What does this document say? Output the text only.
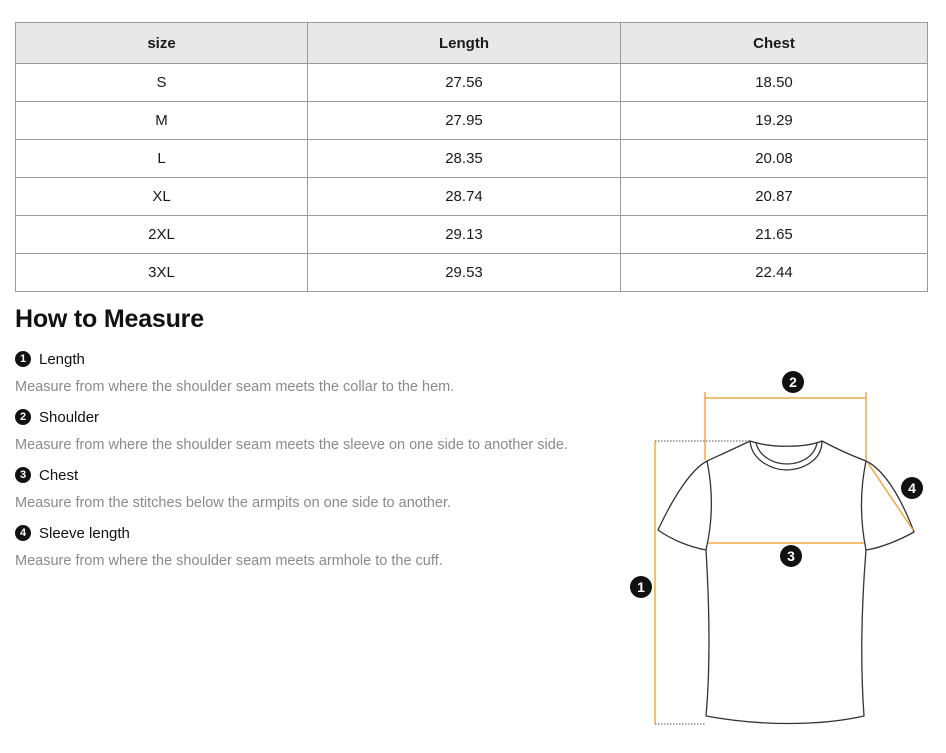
size	Length	Chest
S	27.56	18.50
M	27.95	19.29
L	28.35	20.08
XL	28.74	20.87
2XL	29.13	21.65
3XL	29.53	22.44
How to Measure
1 Length
Measure from where the shoulder seam meets the collar to the hem.
2 Shoulder
Measure from where the shoulder seam meets the sleeve on one side to another side.
3 Chest
Measure from the stitches below the armpits on one side to another.
4 Sleeve length
Measure from where the shoulder seam meets armhole to the cuff.
2
3
1
4
